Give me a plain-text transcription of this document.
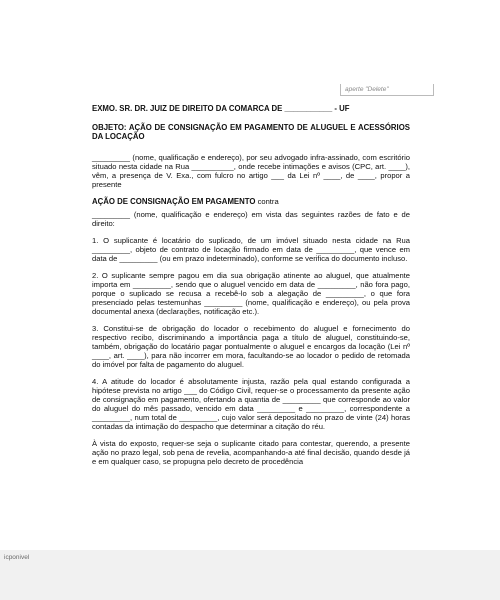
aperte "Delete"

EXMO. SR. DR. JUIZ DE DIREITO DA COMARCA DE ___________ - UF

OBJETO: AÇÃO DE CONSIGNAÇÃO EM PAGAMENTO DE ALUGUEL E ACESSÓRIOS DA LOCAÇÃO

_________ (nome, qualificação e endereço), por seu advogado infra-assinado, com escritório situado nesta cidade na Rua __________, onde recebe intimações e avisos (CPC, art. ____), vêm, a presença de V. Exa., com fulcro no artigo ___ da Lei nº ____, de ____, propor a presente

AÇÃO DE CONSIGNAÇÃO EM PAGAMENTO contra

_________ (nome, qualificação e endereço) em vista das seguintes razões de fato e de direito:

1. O suplicante é locatário do suplicado, de um imóvel situado nesta cidade na Rua _________, objeto de contrato de locação firmado em data de _________, que vence em data de _________ (ou em prazo indeterminado), conforme se verifica do documento incluso.

2. O suplicante sempre pagou em dia sua obrigação atinente ao aluguel, que atualmente importa em _________, sendo que o aluguel vencido em data de _________, não fora pago, porque o suplicado se recusa a recebê-lo sob a alegação de _________, o que fora presenciado pelas testemunhas _________ (nome, qualificação e endereço), ou pela prova documental anexa (declarações, notificação etc.).

3. Constitui-se de obrigação do locador o recebimento do aluguel e fornecimento do respectivo recibo, discriminando a importância paga a título de aluguel, constituindo-se, também, obrigação do locatário pagar pontualmente o aluguel e encargos da locação (Lei nº ____, art. ____), para não incorrer em mora, facultando-se ao locador o pedido de retomada do imóvel por falta de pagamento do aluguel.

4. A atitude do locador é absolutamente injusta, razão pela qual estando configurada a hipótese prevista no artigo ___ do Código Civil, requer-se o processamento da presente ação de consignação em pagamento, ofertando a quantia de _________ que corresponde ao valor do aluguel do mês passado, vencido em data _________ e _________, correspondente a _________, num total de _________, cujo valor será depositado no prazo de vinte (24) horas contadas da intimação do despacho que determinar a citação do réu.

À vista do exposto, requer-se seja o suplicante citado para contestar, querendo, a presente ação no prazo legal, sob pena de revelia, acompanhando-a até final decisão, quando desde já e em qualquer caso, se propugna pelo decreto de procedência

icponivel
